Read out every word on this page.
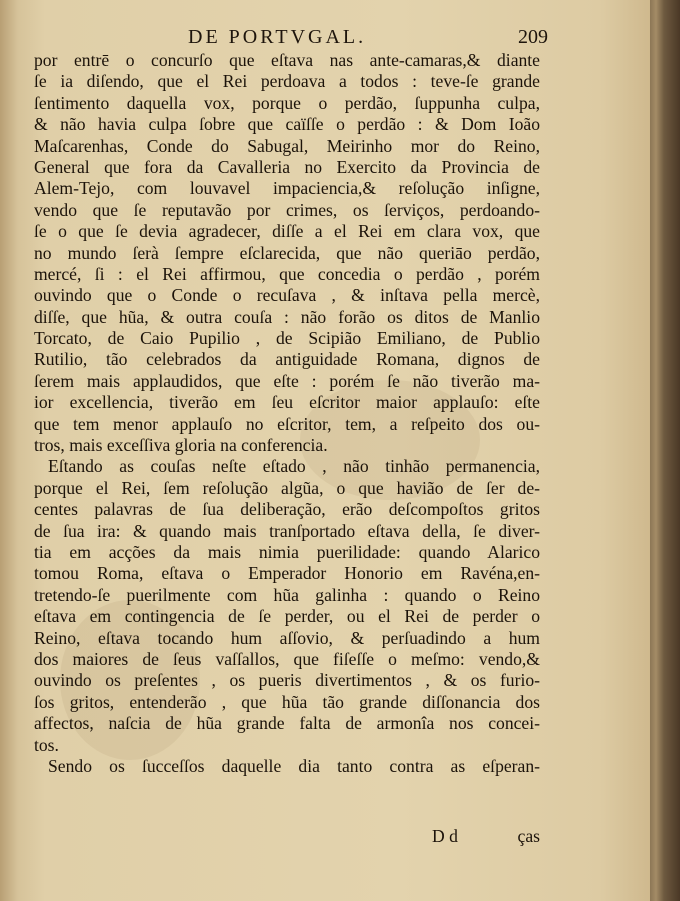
DE PORTVGAL.	209
por entrē o concurſo que eſtava nas ante-camaras,& diante
ſe ia diſendo, que el Rei perdoava a todos : teve-ſe grande
ſentimento daquella vox, porque o perdão, ſuppunha culpa,
& não havia culpa ſobre que caïſſe o perdão : & Dom Ioão
Maſcarenhas, Conde do Sabugal, Meirinho mor do Reino,
General que fora da Cavalleria no Exercito da Provincia de
Alem-Tejo, com louvavel impaciencia,& reſolução inſigne,
vendo que ſe reputavão por crimes, os ſerviços, perdoando-
ſe o que ſe devia agradecer, diſſe a el Rei em clara vox, que
no mundo ſerà ſempre eſclarecida, que não queriāo perdão,
mercé, ſi : el Rei affirmou, que concedia o perdão , porém
ouvindo que o Conde o recuſava , & inſtava pella mercè,
diſſe, que hũa, & outra couſa : não forão os ditos de Manlio
Torcato, de Caio Pupilio , de Scipião Emiliano, de Publio
Rutilio, tão celebrados da antiguidade Romana, dignos de
ſerem mais applaudidos, que eſte : porém ſe não tiverão ma-
ior excellencia, tiverão em ſeu eſcritor maior applauſo: eſte
que tem menor applauſo no eſcritor, tem, a reſpeito dos ou-
tros, mais exceſſiva gloria na conferencia.
Eſtando as couſas neſte eſtado , não tinhão permanencia,
porque el Rei, ſem reſolução algũa, o que havião de ſer de-
centes palavras de ſua deliberação, erão deſcompoſtos gritos
de ſua ira: & quando mais tranſportado eſtava della, ſe diver-
tia em acções da mais nimia puerilidade: quando Alarico
tomou Roma, eſtava o Emperador Honorio em Ravéna,en-
tretendo-ſe puerilmente com hũa galinha : quando o Reino
eſtava em contingencia de ſe perder, ou el Rei de perder o
Reino, eſtava tocando hum aſſovio, & perſuadindo a hum
dos maiores de ſeus vaſſallos, que fiſeſſe o meſmo: vendo,&
ouvindo os preſentes , os pueris divertimentos , & os furio-
ſos gritos, entenderão , que hũa tão grande diſſonancia dos
affectos, naſcia de hũa grande falta de armonîa nos concei-
tos.
Sendo os ſucceſſos daquelle dia tanto contra as eſperan-
D d	ças
